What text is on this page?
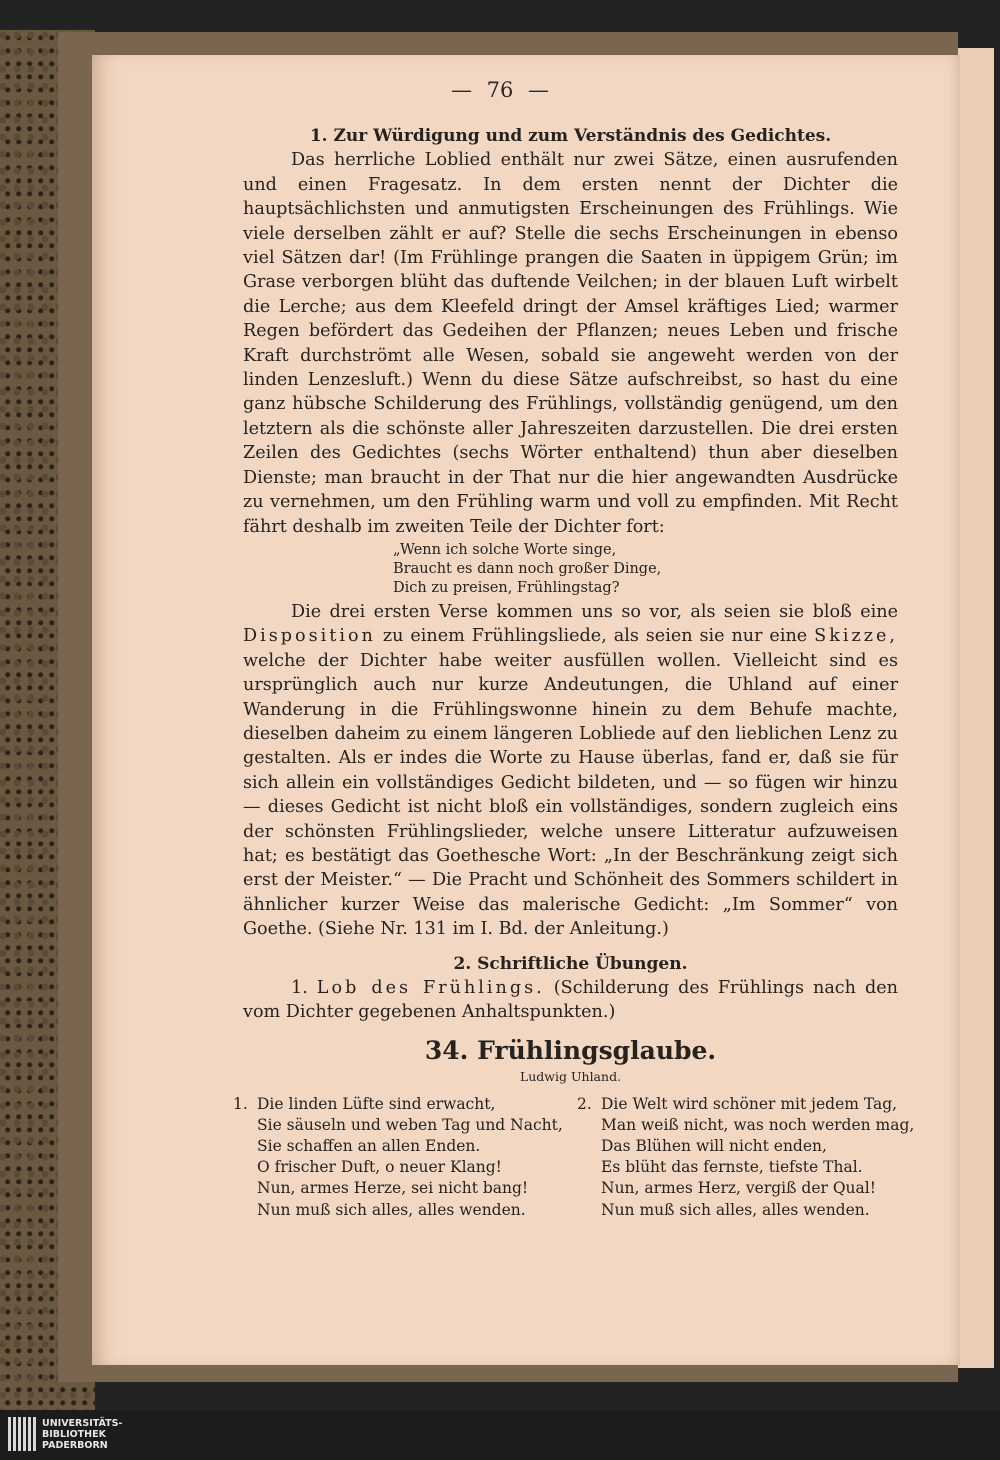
— 76 —
1. Zur Würdigung und zum Verständnis des Gedichtes.

Das herrliche Loblied enthält nur zwei Sätze, einen ausrufenden und einen Fragesatz. In dem ersten nennt der Dichter die hauptsächlichsten und anmutigsten Erscheinungen des Frühlings. Wie viele derselben zählt er auf? Stelle die sechs Erscheinungen in ebenso viel Sätzen dar! (Im Frühlinge prangen die Saaten in üppigem Grün; im Grase verborgen blüht das duftende Veilchen; in der blauen Luft wirbelt die Lerche; aus dem Kleefeld dringt der Amsel kräftiges Lied; warmer Regen befördert das Gedeihen der Pflanzen; neues Leben und frische Kraft durchströmt alle Wesen, sobald sie angeweht werden von der linden Lenzesluft.) Wenn du diese Sätze aufschreibst, so hast du eine ganz hübsche Schilderung des Frühlings, vollständig genügend, um den letztern als die schönste aller Jahreszeiten darzustellen. Die drei ersten Zeilen des Gedichtes (sechs Wörter enthaltend) thun aber dieselben Dienste; man braucht in der That nur die hier angewandten Ausdrücke zu vernehmen, um den Frühling warm und voll zu empfinden. Mit Recht fährt deshalb im zweiten Teile der Dichter fort:

„Wenn ich solche Worte singe,
Braucht es dann noch großer Dinge,
Dich zu preisen, Frühlingstag?

Die drei ersten Verse kommen uns so vor, als seien sie bloß eine Disposition zu einem Frühlingsliede, als seien sie nur eine Skizze, welche der Dichter habe weiter ausfüllen wollen. Vielleicht sind es ursprünglich auch nur kurze Andeutungen, die Uhland auf einer Wanderung in die Frühlingswonne hinein zu dem Behufe machte, dieselben daheim zu einem längeren Lobliede auf den lieblichen Lenz zu gestalten. Als er indes die Worte zu Hause überlas, fand er, daß sie für sich allein ein vollständiges Gedicht bildeten, und — so fügen wir hinzu — dieses Gedicht ist nicht bloß ein vollständiges, sondern zugleich eins der schönsten Frühlingslieder, welche unsere Litteratur aufzuweisen hat; es bestätigt das Goethesche Wort: „In der Beschränkung zeigt sich erst der Meister.“ — Die Pracht und Schönheit des Sommers schildert in ähnlicher kurzer Weise das malerische Gedicht: „Im Sommer“ von Goethe. (Siehe Nr. 131 im I. Bd. der Anleitung.)

2. Schriftliche Übungen.

1. Lob des Frühlings. (Schilderung des Frühlings nach den vom Dichter gegebenen Anhaltspunkten.)

34. Frühlingsglaube.
Ludwig Uhland.
1. Die linden Lüfte sind erwacht,
Sie säuseln und weben Tag und Nacht,
Sie schaffen an allen Enden.
O frischer Duft, o neuer Klang!
Nun, armes Herze, sei nicht bang!
Nun muß sich alles, alles wenden.
2. Die Welt wird schöner mit jedem Tag,
Man weiß nicht, was noch werden mag,
Das Blühen will nicht enden,
Es blüht das fernste, tiefste Thal.
Nun, armes Herz, vergiß der Qual!
Nun muß sich alles, alles wenden.
UNIVERSITÄTS-
BIBLIOTHEK
PADERBORN
